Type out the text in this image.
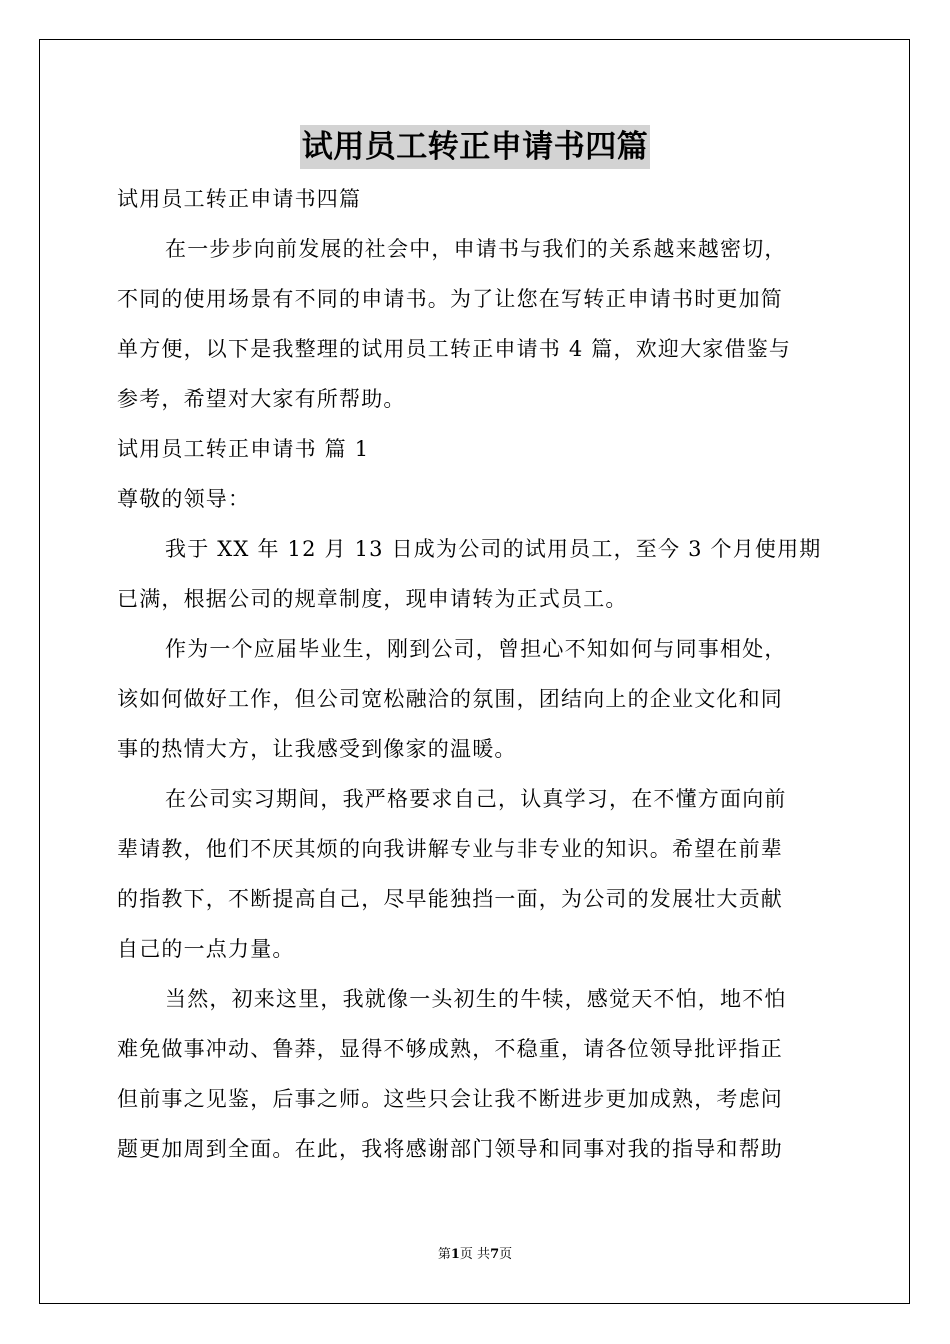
试用员工转正申请书四篇
试用员工转正申请书四篇
在一步步向前发展的社会中，申请书与我们的关系越来越密切，
不同的使用场景有不同的申请书。为了让您在写转正申请书时更加简
单方便，以下是我整理的试用员工转正申请书 4 篇，欢迎大家借鉴与
参考，希望对大家有所帮助。
试用员工转正申请书 篇 1
尊敬的领导：
我于 XX 年 12 月 13 日成为公司的试用员工，至今 3 个月使用期
已满，根据公司的规章制度，现申请转为正式员工。
作为一个应届毕业生，刚到公司，曾担心不知如何与同事相处，
该如何做好工作，但公司宽松融洽的氛围，团结向上的企业文化和同
事的热情大方，让我感受到像家的温暖。
在公司实习期间，我严格要求自己，认真学习，在不懂方面向前
辈请教，他们不厌其烦的向我讲解专业与非专业的知识。希望在前辈
的指教下，不断提高自己，尽早能独挡一面，为公司的发展壮大贡献
自己的一点力量。
当然，初来这里，我就像一头初生的牛犊，感觉天不怕，地不怕
难免做事冲动、鲁莽，显得不够成熟，不稳重，请各位领导批评指正
但前事之见鉴，后事之师。这些只会让我不断进步更加成熟，考虑问
题更加周到全面。在此，我将感谢部门领导和同事对我的指导和帮助
第1页 共7页
